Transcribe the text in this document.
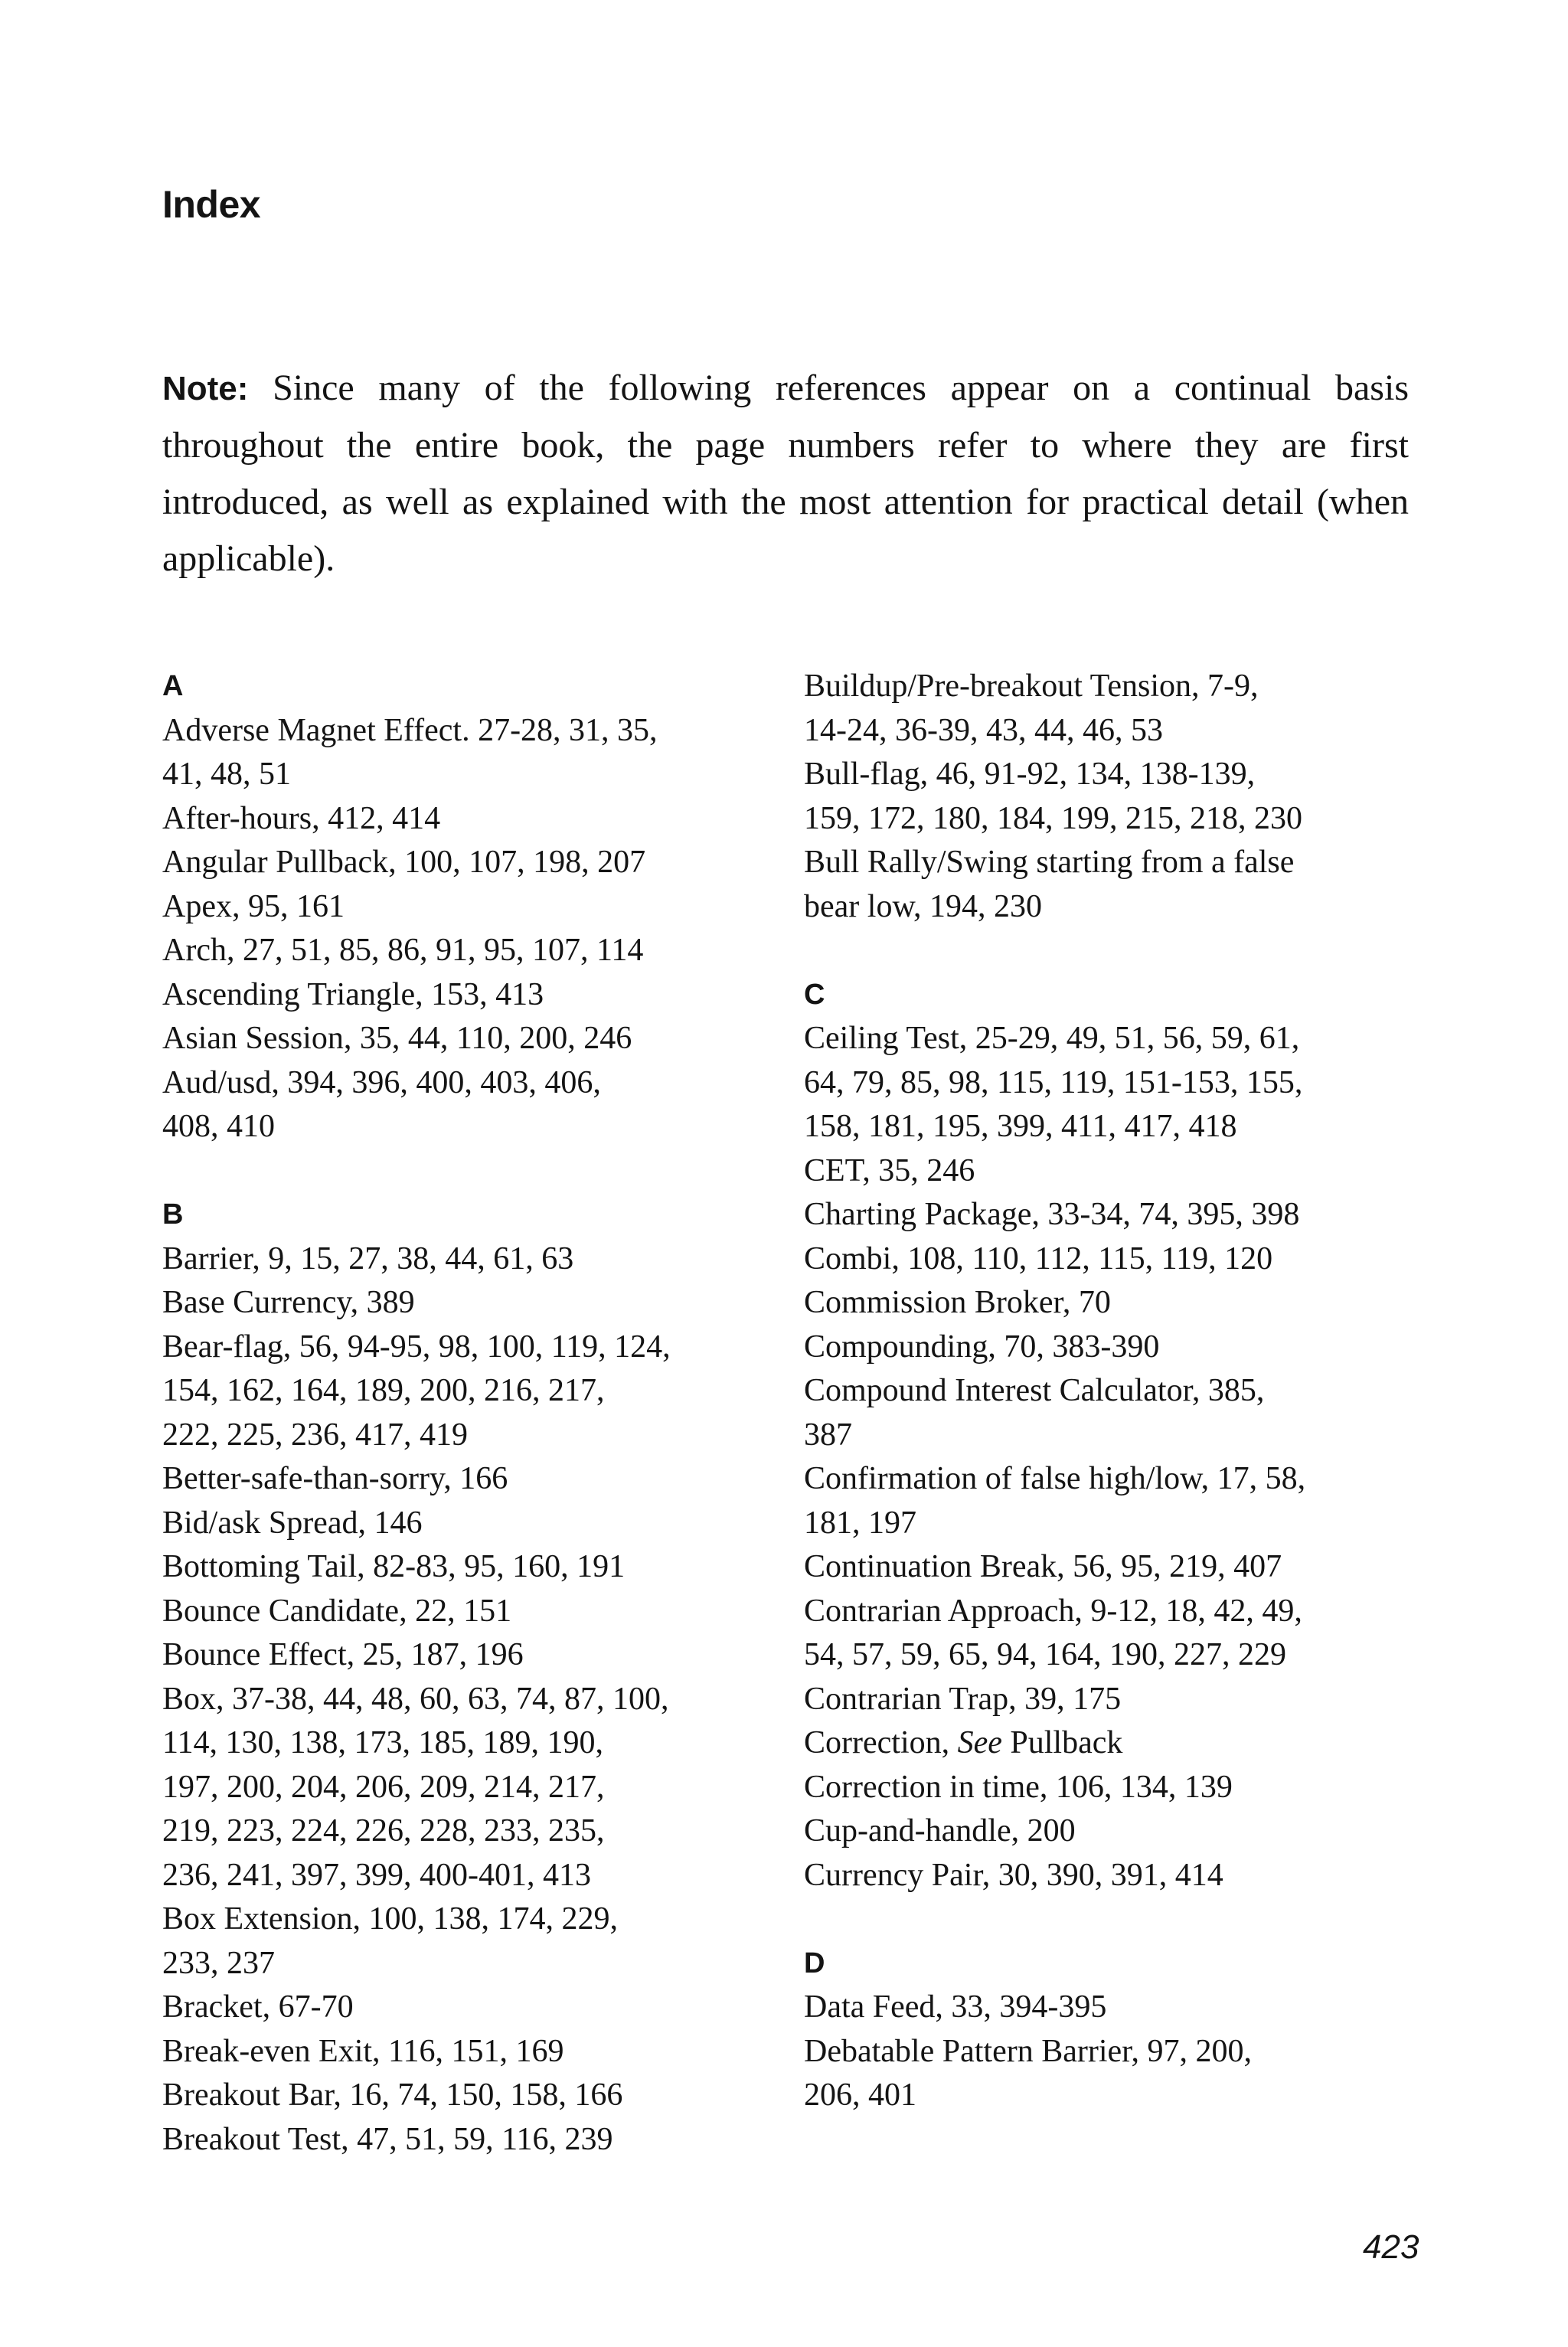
Index

Note: Since many of the following references appear on a continual basis throughout the entire book, the page numbers refer to where they are first introduced, as well as explained with the most attention for practical detail (when applicable).

A
Adverse Magnet Effect. 27-28, 31, 35,
41, 48, 51
After-hours, 412, 414
Angular Pullback, 100, 107, 198, 207
Apex, 95, 161
Arch, 27, 51, 85, 86, 91, 95, 107, 114
Ascending Triangle, 153, 413
Asian Session, 35, 44, 110, 200, 246
Aud/usd, 394, 396, 400, 403, 406,
408, 410
B
Barrier, 9, 15, 27, 38, 44, 61, 63
Base Currency, 389
Bear-flag, 56, 94-95, 98, 100, 119, 124,
154, 162, 164, 189, 200, 216, 217,
222, 225, 236, 417, 419
Better-safe-than-sorry, 166
Bid/ask Spread, 146
Bottoming Tail, 82-83, 95, 160, 191
Bounce Candidate, 22, 151
Bounce Effect, 25, 187, 196
Box, 37-38, 44, 48, 60, 63, 74, 87, 100,
114, 130, 138, 173, 185, 189, 190,
197, 200, 204, 206, 209, 214, 217,
219, 223, 224, 226, 228, 233, 235,
236, 241, 397, 399, 400-401, 413
Box Extension, 100, 138, 174, 229,
233, 237
Bracket, 67-70
Break-even Exit, 116, 151, 169
Breakout Bar, 16, 74, 150, 158, 166
Breakout Test, 47, 51, 59, 116, 239
Buildup/Pre-breakout Tension, 7-9,
14-24, 36-39, 43, 44, 46, 53
Bull-flag, 46, 91-92, 134, 138-139,
159, 172, 180, 184, 199, 215, 218, 230
Bull Rally/Swing starting from a false
bear low, 194, 230
C
Ceiling Test, 25-29, 49, 51, 56, 59, 61,
64, 79, 85, 98, 115, 119, 151-153, 155,
158, 181, 195, 399, 411, 417, 418
CET, 35, 246
Charting Package, 33-34, 74, 395, 398
Combi, 108, 110, 112, 115, 119, 120
Commission Broker, 70
Compounding, 70, 383-390
Compound Interest Calculator, 385,
387
Confirmation of false high/low, 17, 58,
181, 197
Continuation Break, 56, 95, 219, 407
Contrarian Approach, 9-12, 18, 42, 49,
54, 57, 59, 65, 94, 164, 190, 227, 229
Contrarian Trap, 39, 175
Correction, See Pullback
Correction in time, 106, 134, 139
Cup-and-handle, 200
Currency Pair, 30, 390, 391, 414
D
Data Feed, 33, 394-395
Debatable Pattern Barrier, 97, 200,
206, 401
423
